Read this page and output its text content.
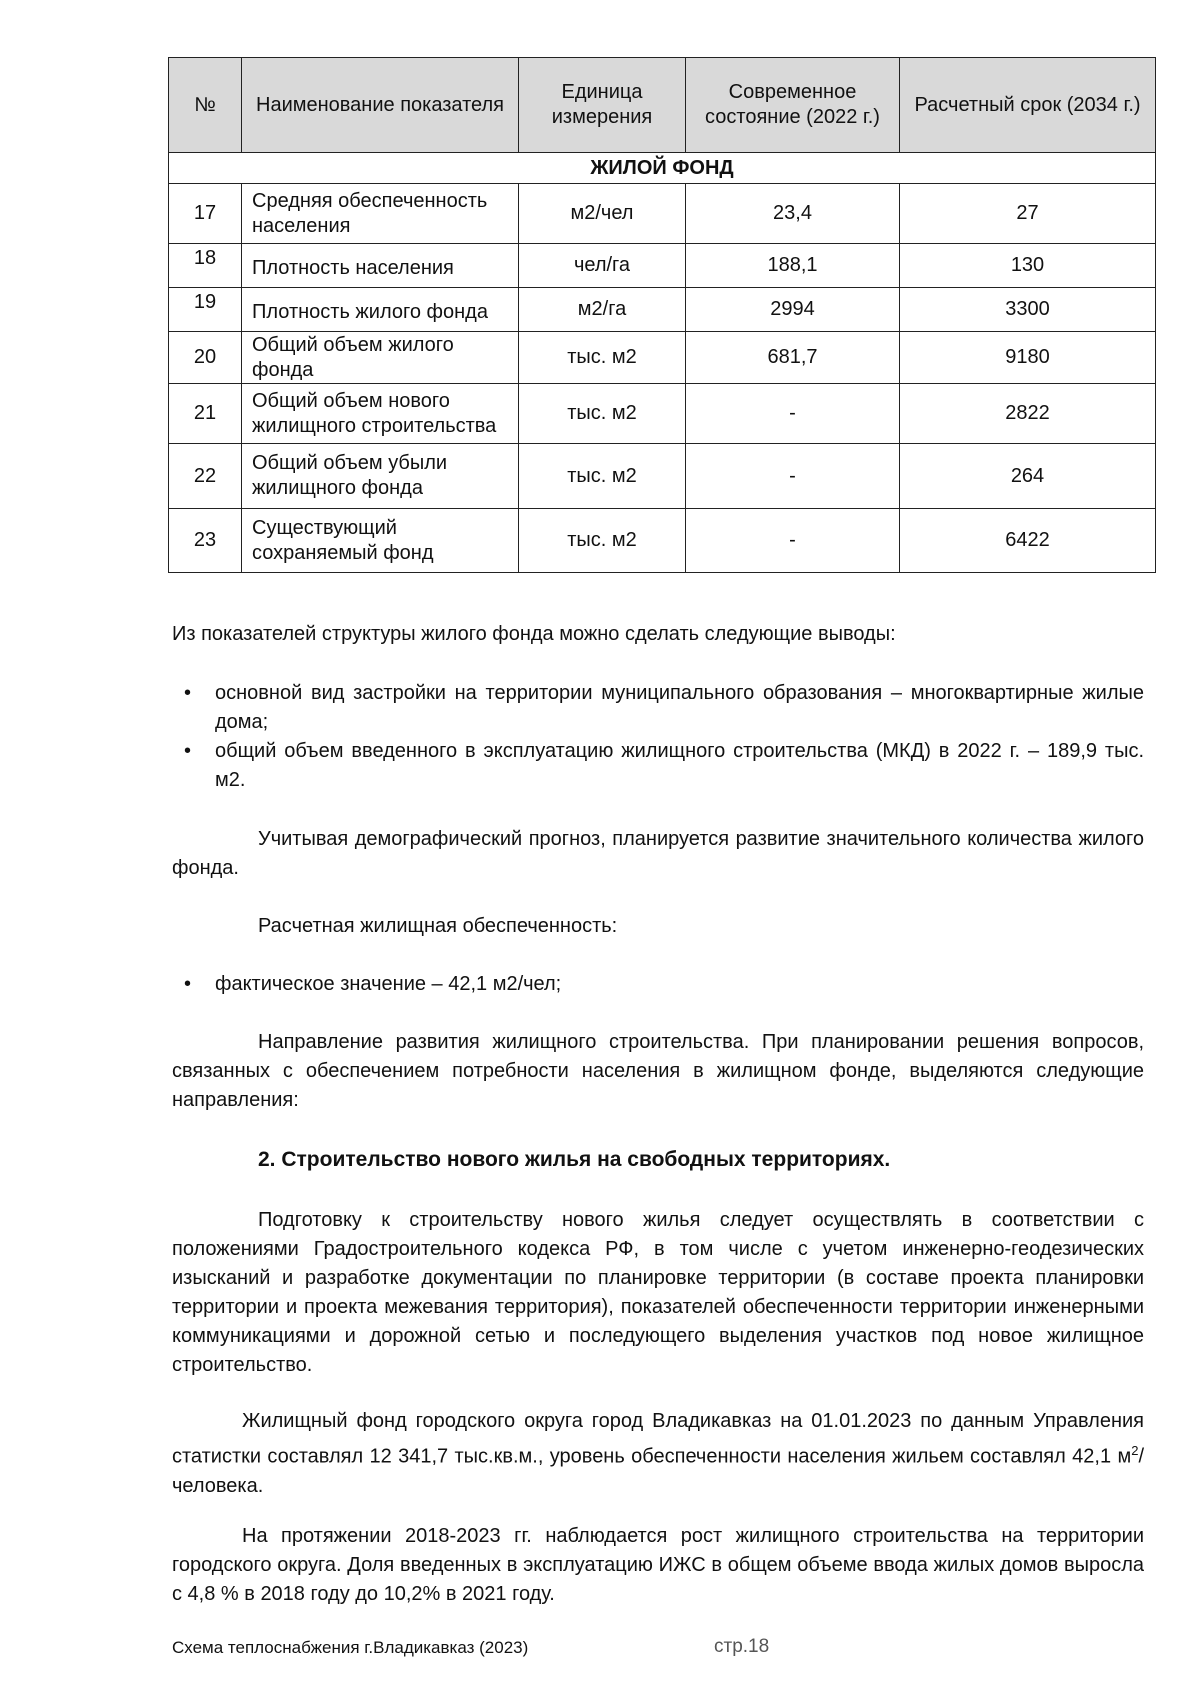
№	Наименование показателя	Единица измерения	Современное состояние (2022 г.)	Расчетный срок (2034 г.)
ЖИЛОЙ ФОНД				
17	Средняя обеспеченность населения	м2/чел	23,4	27
18	Плотность населения	чел/га	188,1	130
19	Плотность жилого фонда	м2/га	2994	3300
20	Общий объем жилого фонда	тыс. м2	681,7	9180
21	Общий объем нового жилищного строительства	тыс. м2	-	2822
22	Общий объем убыли жилищного фонда	тыс. м2	-	264
23	Существующий сохраняемый фонд	тыс. м2	-	6422

Из показателей структуры жилого фонда можно сделать следующие выводы:

• основной вид застройки на территории муниципального образования – многоквартирные жилые дома;
• общий объем введенного в эксплуатацию жилищного строительства (МКД) в 2022 г. – 189,9 тыс. м2.

Учитывая демографический прогноз, планируется развитие значительного количества жилого фонда.

Расчетная жилищная обеспеченность:

• фактическое значение – 42,1 м2/чел;

Направление развития жилищного строительства. При планировании решения вопросов, связанных с обеспечением потребности населения в жилищном фонде, выделяются следующие направления:

2. Строительство нового жилья на свободных территориях.

Подготовку к строительству нового жилья следует осуществлять в соответствии с положениями Градостроительного кодекса РФ, в том числе с учетом инженерно-геодезических изысканий и разработке документации по планировке территории (в составе проекта планировки территории и проекта межевания территория), показателей обеспеченности территории инженерными коммуникациями и дорожной сетью и последующего выделения участков под новое жилищное строительство.

Жилищный фонд городского округа город Владикавказ на 01.01.2023 по данным Управления статистки составлял 12 341,7 тыс.кв.м., уровень обеспеченности населения жильем составлял 42,1 $м^2$/человека.

На протяжении 2018-2023 гг. наблюдается рост жилищного строительства на территории городского округа. Доля введенных в эксплуатацию ИЖС в общем объеме ввода жилых домов выросла с 4,8 % в 2018 году до 10,2% в 2021 году.

Схема теплоснабжения г.Владикавказ (2023)	стр.18
